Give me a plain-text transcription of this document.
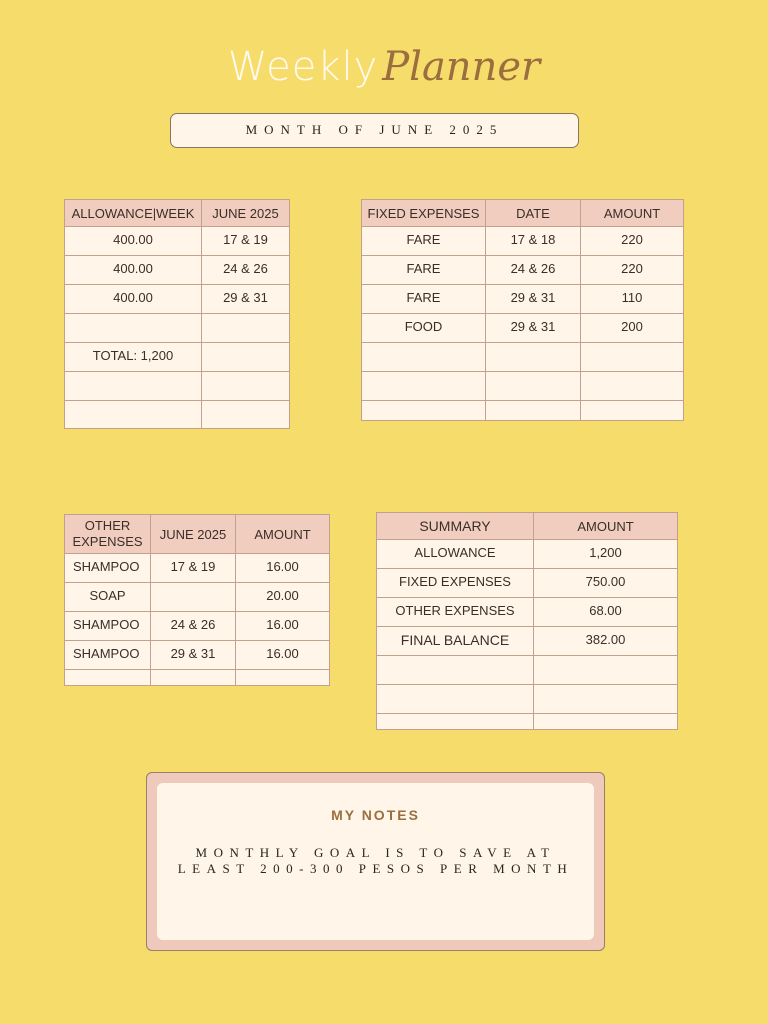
Weekly Planner
MONTH OF JUNE 2025
ALLOWANCE|WEEK	JUNE 2025
400.00	17 & 19
400.00	24 & 26
400.00	29 & 31

TOTAL: 1,200	

FIXED EXPENSES	DATE	AMOUNT
FARE	17 & 18	220
FARE	24 & 26	220
FARE	29 & 31	110
FOOD	29 & 31	200

OTHER EXPENSES	JUNE 2025	AMOUNT
SHAMPOO	17 & 19	16.00
SOAP		20.00
SHAMPOO	24 & 26	16.00
SHAMPOO	29 & 31	16.00

SUMMARY	AMOUNT
ALLOWANCE	1,200
FIXED EXPENSES	750.00
OTHER EXPENSES	68.00
FINAL BALANCE	382.00

MY NOTES
MONTHLY GOAL IS TO SAVE AT LEAST 200-300 PESOS PER MONTH
